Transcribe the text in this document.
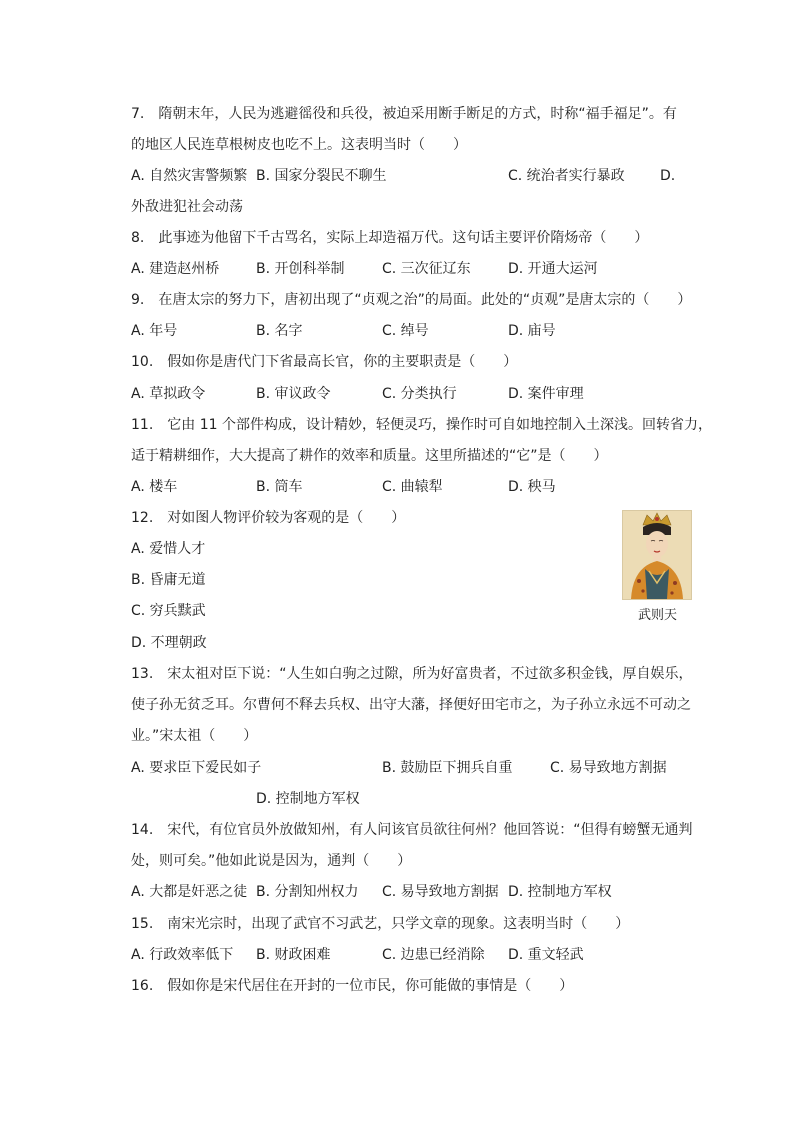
7.　隋朝末年，人民为逃避徭役和兵役，被迫采用断手断足的方式，时称“福手福足”。有
的地区人民连草根树皮也吃不上。这表明当时（　　）
A. 自然灾害警频繁 B. 国家分裂民不聊生	C. 统治者实行暴政	D.
外敌进犯社会动荡
8.　此事迹为他留下千古骂名，实际上却造福万代。这句话主要评价隋炀帝（　　）
A. 建造赵州桥	B. 开创科举制	C. 三次征辽东	D. 开通大运河
9.　在唐太宗的努力下，唐初出现了“贞观之治”的局面。此处的“贞观”是唐太宗的（　　）
A. 年号	B. 名字	C. 绰号	D. 庙号
10.　假如你是唐代门下省最高长官，你的主要职责是（　　）
A. 草拟政令	B. 审议政令	C. 分类执行	D. 案件审理
11.　它由 11 个部件构成，设计精妙，轻便灵巧，操作时可自如地控制入土深浅。回转省力，
适于精耕细作，大大提高了耕作的效率和质量。这里所描述的“它”是（　　）
A. 楼车	B. 筒车	C. 曲辕犁	D. 秧马
12.　对如图人物评价较为客观的是（　　）
A. 爱惜人才
B. 昏庸无道
C. 穷兵黩武
D. 不理朝政
武则天
13.　宋太祖对臣下说：“人生如白驹之过隙，所为好富贵者，不过欲多积金钱，厚自娱乐，
使子孙无贫乏耳。尔曹何不释去兵权、出守大藩，择便好田宅市之，为子孙立永远不可动之
业。”宋太祖（　　）
A. 要求臣下爱民如子	B. 鼓励臣下拥兵自重	C. 易导致地方割据
D. 控制地方军权
14.　宋代，有位官员外放做知州，有人问该官员欲往何州？他回答说：“但得有螃蟹无通判
处，则可矣。”他如此说是因为，通判（　　）
A. 大都是奸恶之徒 B. 分割知州权力 C. 易导致地方割据 D. 控制地方军权
15.　南宋光宗时，出现了武官不习武艺，只学文章的现象。这表明当时（　　）
A. 行政效率低下 B. 财政困难	C. 边患已经消除 D. 重文轻武
16.　假如你是宋代居住在开封的一位市民，你可能做的事情是（　　）
